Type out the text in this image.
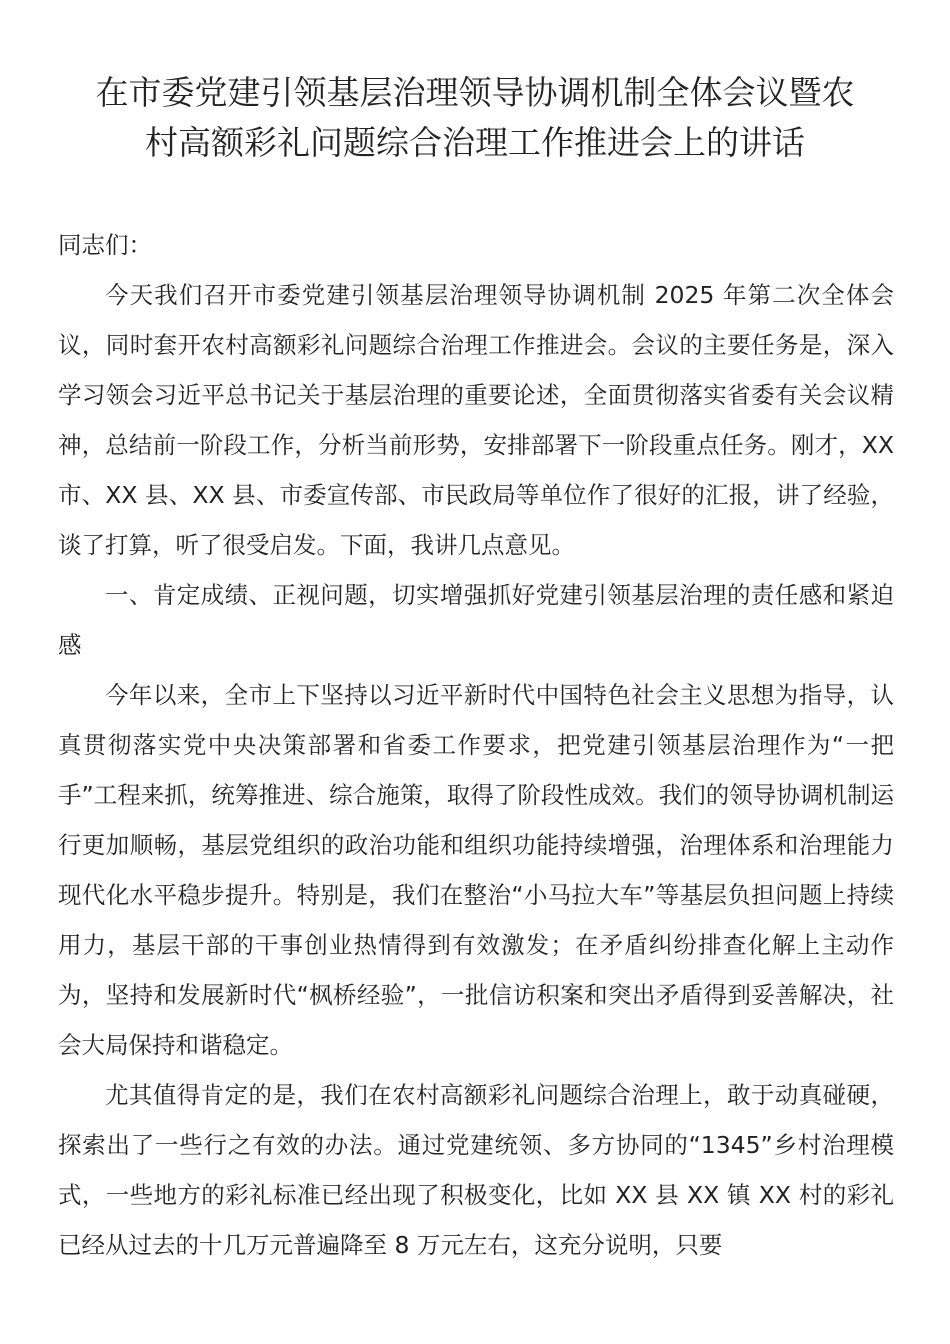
在市委党建引领基层治理领导协调机制全体会议暨农
村高额彩礼问题综合治理工作推进会上的讲话

同志们：

今天我们召开市委党建引领基层治理领导协调机制 2025 年第二次全体会议，同时套开农村高额彩礼问题综合治理工作推进会。会议的主要任务是，深入学习领会习近平总书记关于基层治理的重要论述，全面贯彻落实省委有关会议精神，总结前一阶段工作，分析当前形势，安排部署下一阶段重点任务。刚才，XX 市、XX 县、XX 县、市委宣传部、市民政局等单位作了很好的汇报，讲了经验，谈了打算，听了很受启发。下面，我讲几点意见。

一、肯定成绩、正视问题，切实增强抓好党建引领基层治理的责任感和紧迫感

今年以来，全市上下坚持以习近平新时代中国特色社会主义思想为指导，认真贯彻落实党中央决策部署和省委工作要求，把党建引领基层治理作为“一把手”工程来抓，统筹推进、综合施策，取得了阶段性成效。我们的领导协调机制运行更加顺畅，基层党组织的政治功能和组织功能持续增强，治理体系和治理能力现代化水平稳步提升。特别是，我们在整治“小马拉大车”等基层负担问题上持续用力，基层干部的干事创业热情得到有效激发；在矛盾纠纷排查化解上主动作为，坚持和发展新时代“枫桥经验”，一批信访积案和突出矛盾得到妥善解决，社会大局保持和谐稳定。

尤其值得肯定的是，我们在农村高额彩礼问题综合治理上，敢于动真碰硬，探索出了一些行之有效的办法。通过党建统领、多方协同的“1345”乡村治理模式，一些地方的彩礼标准已经出现了积极变化，比如 XX 县 XX 镇 XX 村的彩礼已经从过去的十几万元普遍降至 8 万元左右，这充分说明，只要
